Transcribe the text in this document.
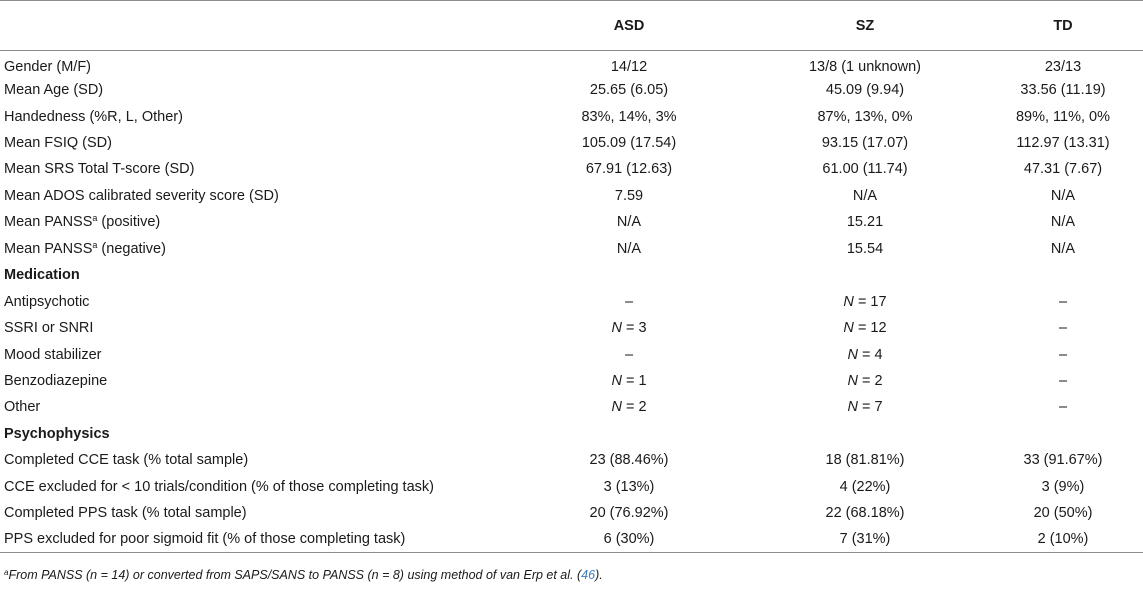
	ASD	SZ	TD
Gender (M/F)	14/12	13/8 (1 unknown)	23/13
Mean Age (SD)	25.65 (6.05)	45.09 (9.94)	33.56 (11.19)
Handedness (%R, L, Other)	83%, 14%, 3%	87%, 13%, 0%	89%, 11%, 0%
Mean FSIQ (SD)	105.09 (17.54)	93.15 (17.07)	112.97 (13.31)
Mean SRS Total T-score (SD)	67.91 (12.63)	61.00 (11.74)	47.31 (7.67)
Mean ADOS calibrated severity score (SD)	7.59	N/A	N/A
Mean PANSS$^a$ (positive)	N/A	15.21	N/A
Mean PANSS$^a$ (negative)	N/A	15.54	N/A
Medication			
Antipsychotic	–	N = 17	–
SSRI or SNRI	N = 3	N = 12	–
Mood stabilizer	–	N = 4	–
Benzodiazepine	N = 1	N = 2	–
Other	N = 2	N = 7	–
Psychophysics			
Completed CCE task (% total sample)	23 (88.46%)	18 (81.81%)	33 (91.67%)
CCE excluded for < 10 trials/condition (% of those completing task)	3 (13%)	4 (22%)	3 (9%)
Completed PPS task (% total sample)	20 (76.92%)	22 (68.18%)	20 (50%)
PPS excluded for poor sigmoid fit (% of those completing task)	6 (30%)	7 (31%)	2 (10%)
$^a$From PANSS (n = 14) or converted from SAPS/SANS to PANSS (n = 8) using method of van Erp et al. (46).
